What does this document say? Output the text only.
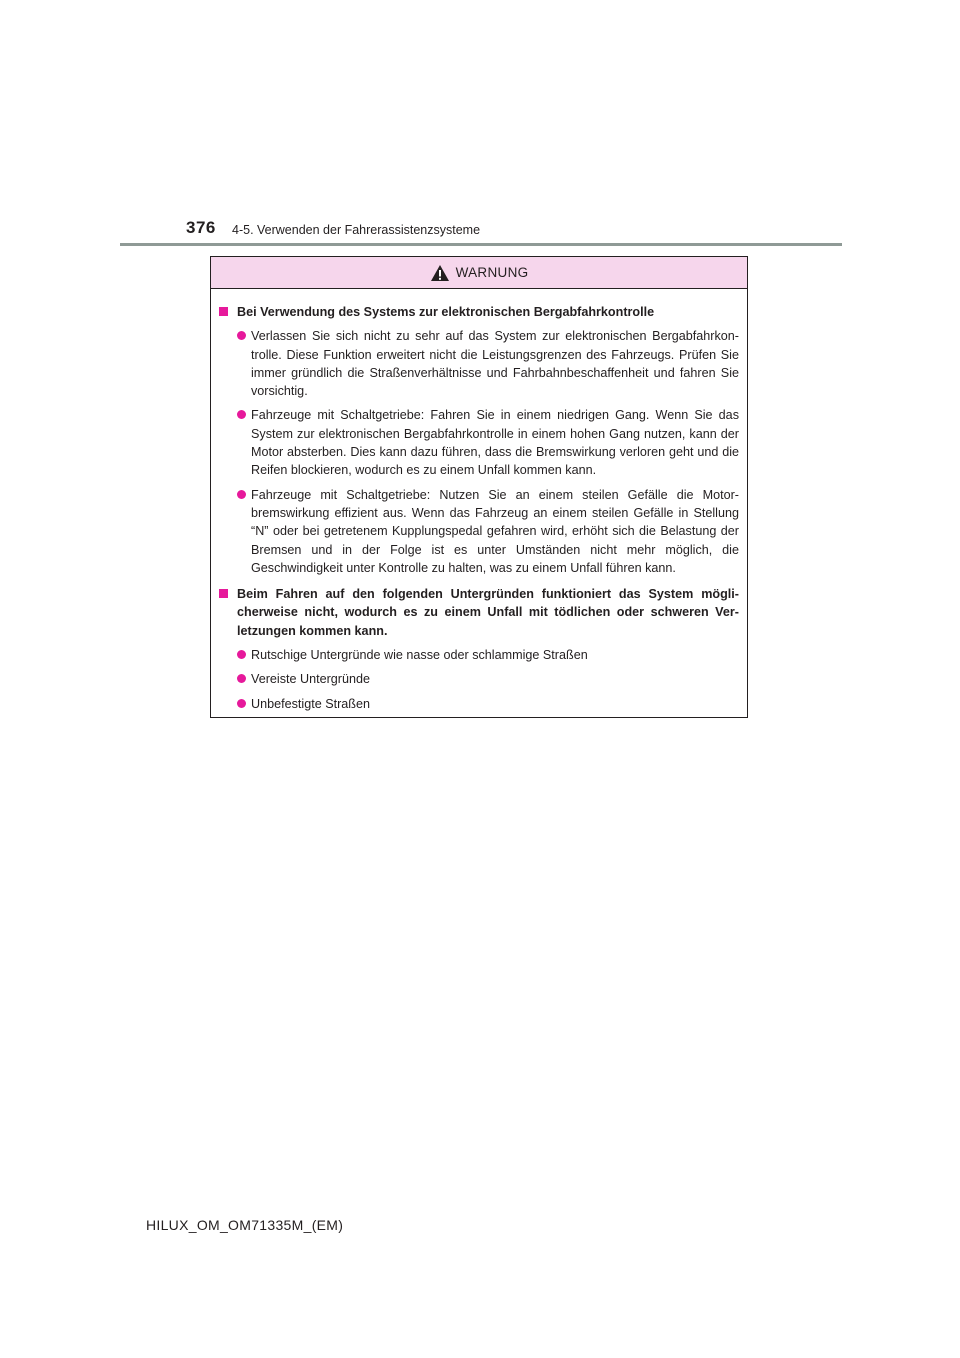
376 4-5. Verwenden der Fahrerassistenzsysteme
WARNUNG
Bei Verwendung des Systems zur elektronischen Bergabfahrkontrolle
Verlassen Sie sich nicht zu sehr auf das System zur elektronischen Bergabfahrkontrolle. Diese Funktion erweitert nicht die Leistungsgrenzen des Fahrzeugs. Prüfen Sie immer gründlich die Straßenverhältnisse und Fahrbahnbeschaffenheit und fahren Sie vorsichtig.
Fahrzeuge mit Schaltgetriebe: Fahren Sie in einem niedrigen Gang. Wenn Sie das System zur elektronischen Bergabfahrkontrolle in einem hohen Gang nutzen, kann der Motor absterben. Dies kann dazu führen, dass die Bremswirkung verloren geht und die Reifen blockieren, wodurch es zu einem Unfall kommen kann.
Fahrzeuge mit Schaltgetriebe: Nutzen Sie an einem steilen Gefälle die Motorbremswirkung effizient aus. Wenn das Fahrzeug an einem steilen Gefälle in Stellung “N” oder bei getretenem Kupplungspedal gefahren wird, erhöht sich die Belastung der Bremsen und in der Folge ist es unter Umständen nicht mehr möglich, die Geschwindigkeit unter Kontrolle zu halten, was zu einem Unfall führen kann.
Beim Fahren auf den folgenden Untergründen funktioniert das System möglicherweise nicht, wodurch es zu einem Unfall mit tödlichen oder schweren Verletzungen kommen kann.
Rutschige Untergründe wie nasse oder schlammige Straßen
Vereiste Untergründe
Unbefestigte Straßen
HILUX_OM_OM71335M_(EM)
